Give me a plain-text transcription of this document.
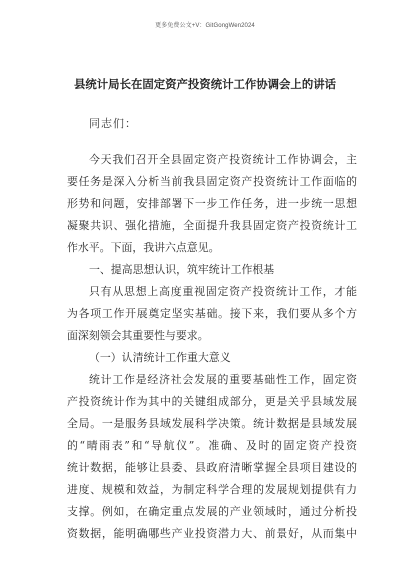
更多免费公文+V：GitGongWen2024
县统计局长在固定资产投资统计工作协调会上的讲话
同志们：
今天我们召开全县固定资产投资统计工作协调会，主
要任务是深入分析当前我县固定资产投资统计工作面临的
形势和问题，安排部署下一步工作任务，进一步统一思想
凝聚共识、强化措施，全面提升我县固定资产投资统计工
作水平。下面，我讲六点意见。
一、提高思想认识，筑牢统计工作根基
只有从思想上高度重视固定资产投资统计工作，才能
为各项工作开展奠定坚实基础。接下来，我们要从多个方
面深刻领会其重要性与要求。
（一）认清统计工作重大意义
统计工作是经济社会发展的重要基础性工作，固定资
产投资统计作为其中的关键组成部分，更是关乎县域发展
全局。一是服务县域发展科学决策。统计数据是县域发展
的“晴雨表”和“导航仪”。准确、及时的固定资产投资
统计数据，能够让县委、县政府清晰掌握全县项目建设的
进度、规模和效益，为制定科学合理的发展规划提供有力
支撑。例如，在确定重点发展的产业领域时，通过分析投
资数据，能明确哪些产业投资潜力大、前景好，从而集中
